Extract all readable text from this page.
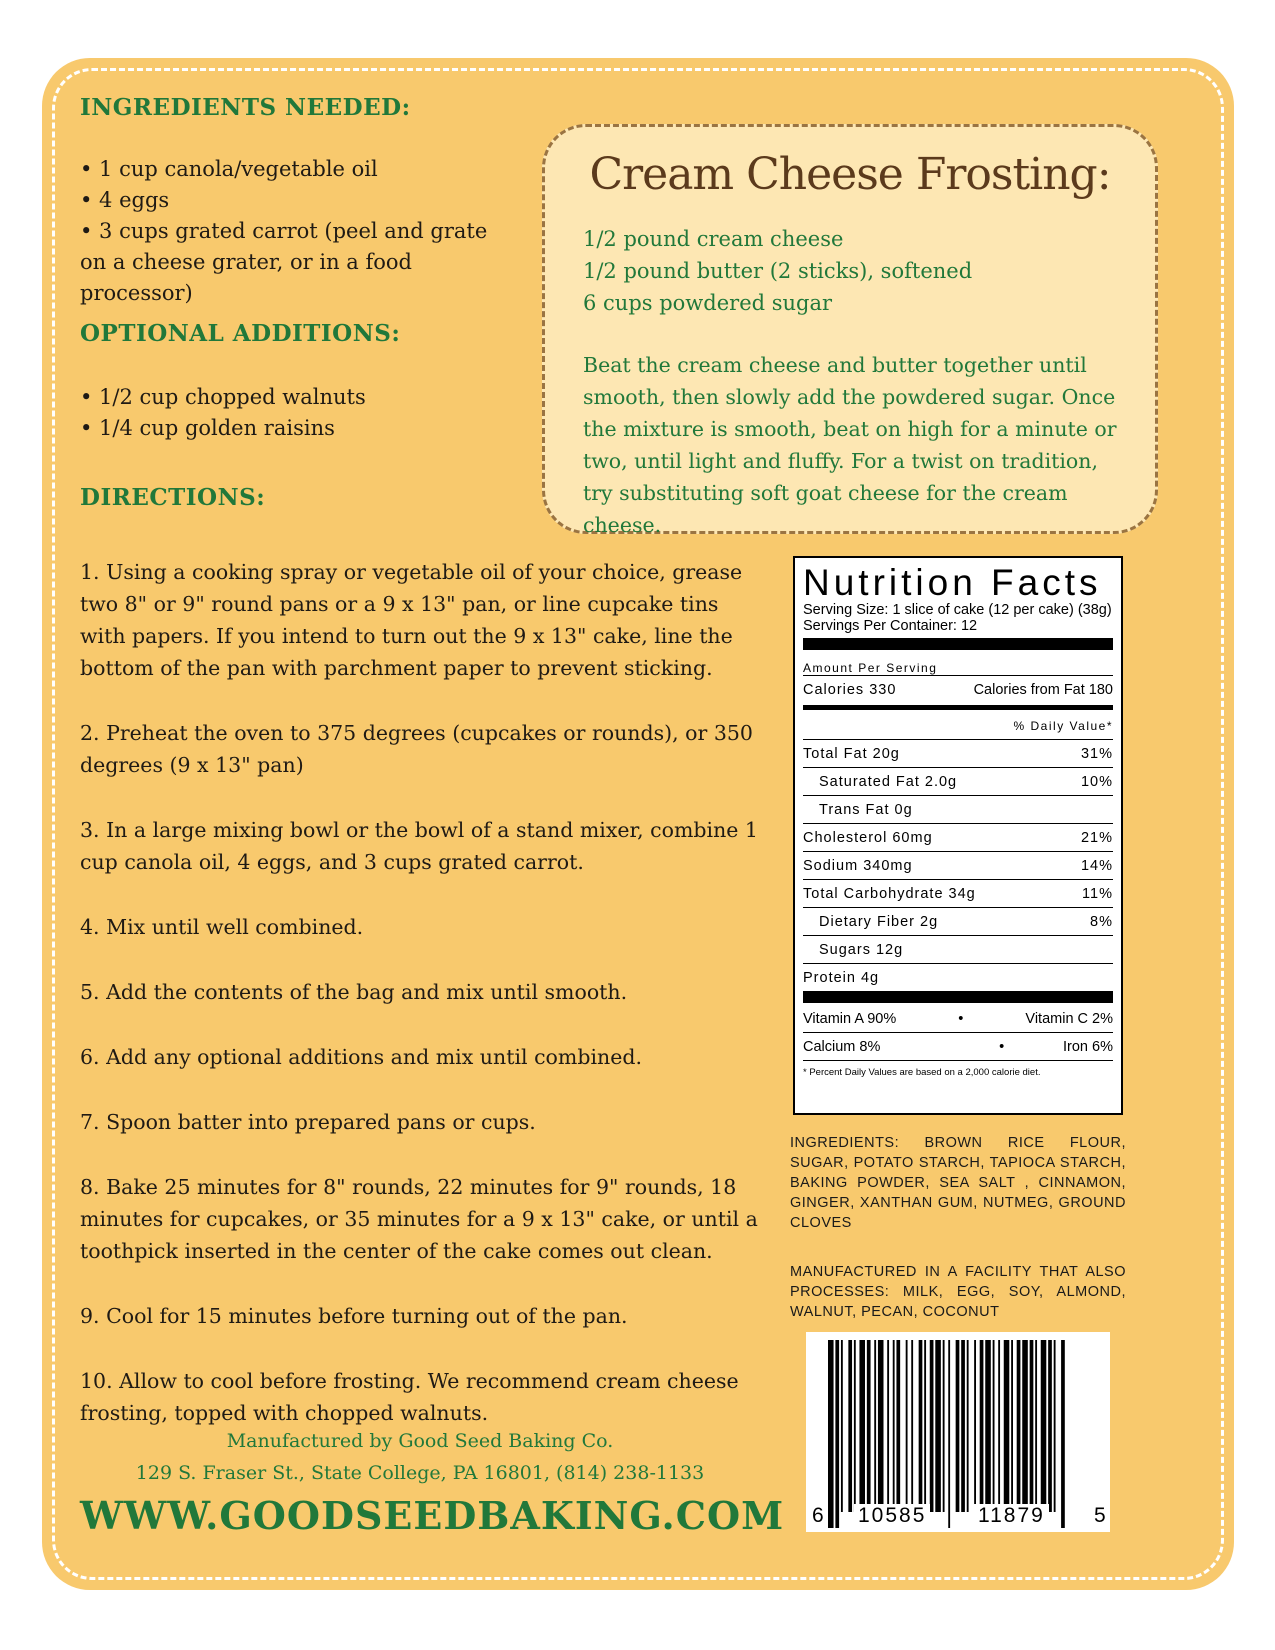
INGREDIENTS NEEDED:
• 1 cup canola/vegetable oil
• 4 eggs
• 3 cups grated carrot (peel and grate on a cheese grater, or in a food processor)
OPTIONAL ADDITIONS:
• 1/2 cup chopped walnuts
• 1/4 cup golden raisins
DIRECTIONS:
1. Using a cooking spray or vegetable oil of your choice, grease two 8" or 9" round pans or a 9 x 13" pan, or line cupcake tins with papers. If you intend to turn out the 9 x 13" cake, line the bottom of the pan with parchment paper to prevent sticking.
2. Preheat the oven to 375 degrees (cupcakes or rounds), or 350 degrees (9 x 13" pan)
3. In a large mixing bowl or the bowl of a stand mixer, combine 1 cup canola oil, 4 eggs, and 3 cups grated carrot.
4. Mix until well combined.
5. Add the contents of the bag and mix until smooth.
6. Add any optional additions and mix until combined.
7. Spoon batter into prepared pans or cups.
8. Bake 25 minutes for 8" rounds, 22 minutes for 9" rounds, 18 minutes for cupcakes, or 35 minutes for a 9 x 13" cake, or until a toothpick inserted in the center of the cake comes out clean.
9. Cool for 15 minutes before turning out of the pan.
10. Allow to cool before frosting. We recommend cream cheese frosting, topped with chopped walnuts.
Cream Cheese Frosting:
1/2 pound cream cheese
1/2 pound butter (2 sticks), softened
6 cups powdered sugar

Beat the cream cheese and butter together until smooth, then slowly add the powdered sugar. Once the mixture is smooth, beat on high for a minute or two, until light and fluffy. For a twist on tradition, try substituting soft goat cheese for the cream cheese.

Nutrition Facts
Serving Size: 1 slice of cake (12 per cake) (38g)
Servings Per Container: 12
Amount Per Serving
Calories 330	Calories from Fat 180
% Daily Value*
Total Fat 20g	31%
Saturated Fat 2.0g	10%
Trans Fat 0g
Cholesterol 60mg	21%
Sodium 340mg	14%
Total Carbohydrate 34g	11%
Dietary Fiber 2g	8%
Sugars 12g
Protein 4g
Vitamin A 90%	•	Vitamin C 2%
Calcium 8%	•	Iron 6%
* Percent Daily Values are based on a 2,000 calorie diet.
INGREDIENTS: BROWN RICE FLOUR, SUGAR, POTATO STARCH, TAPIOCA STARCH, BAKING POWDER, SEA SALT , CINNAMON, GINGER, XANTHAN GUM, NUTMEG, GROUND CLOVES
MANUFACTURED IN A FACILITY THAT ALSO PROCESSES: MILK, EGG, SOY, ALMOND, WALNUT, PECAN, COCONUT
6 10585 11879 5
Manufactured by Good Seed Baking Co.
129 S. Fraser St., State College, PA 16801, (814) 238-1133
WWW.GOODSEEDBAKING.COM
